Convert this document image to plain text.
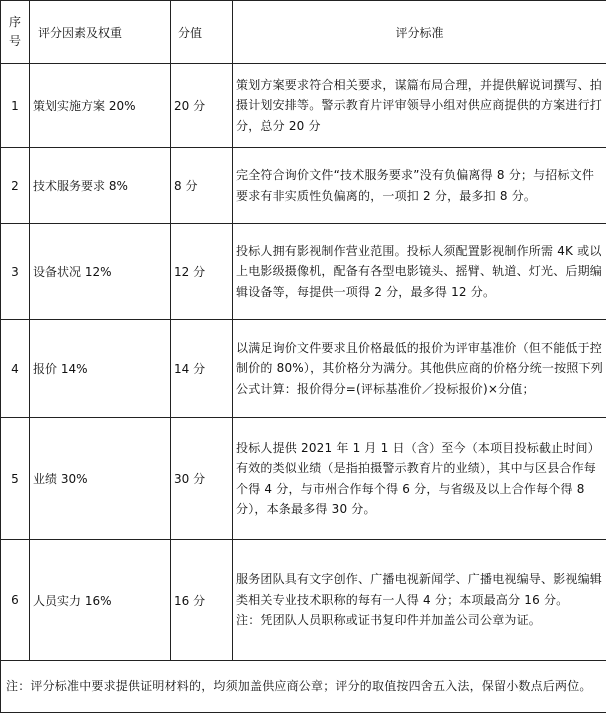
序号	评分因素及权重	分值	评分标准
1	策划实施方案 20%	20 分	策划方案要求符合相关要求，谋篇布局合理，并提供解说词撰写、拍摄计划安排等。警示教育片评审领导小组对供应商提供的方案进行打分，总分 20 分
2	技术服务要求 8%	8 分	完全符合询价文件“技术服务要求”没有负偏离得 8 分；与招标文件要求有非实质性负偏离的，一项扣 2 分，最多扣 8 分。
3	设备状况 12%	12 分	投标人拥有影视制作营业范围。投标人须配置影视制作所需 4K 或以上电影级摄像机，配备有各型电影镜头、摇臂、轨道、灯光、后期编辑设备等，每提供一项得 2 分，最多得 12 分。
4	报价 14%	14 分	以满足询价文件要求且价格最低的报价为评审基准价（但不能低于控制价的 80%），其价格分为满分。其他供应商的价格分统一按照下列公式计算：报价得分=(评标基准价／投标报价)×分值；
5	业绩 30%	30 分	投标人提供 2021 年 1 月 1 日（含）至今（本项目投标截止时间）有效的类似业绩（是指拍摄警示教育片的业绩），其中与区县合作每个得 4 分，与市州合作每个得 6 分，与省级及以上合作每个得 8 分），本条最多得 30 分。
6	人员实力 16%	16 分	服务团队具有文字创作、广播电视新闻学、广播电视编导、影视编辑类相关专业技术职称的每有一人得 4 分；本项最高分 16 分。
注：凭团队人员职称或证书复印件并加盖公司公章为证。

注：评分标准中要求提供证明材料的，均须加盖供应商公章；评分的取值按四舍五入法，保留小数点后两位。			
